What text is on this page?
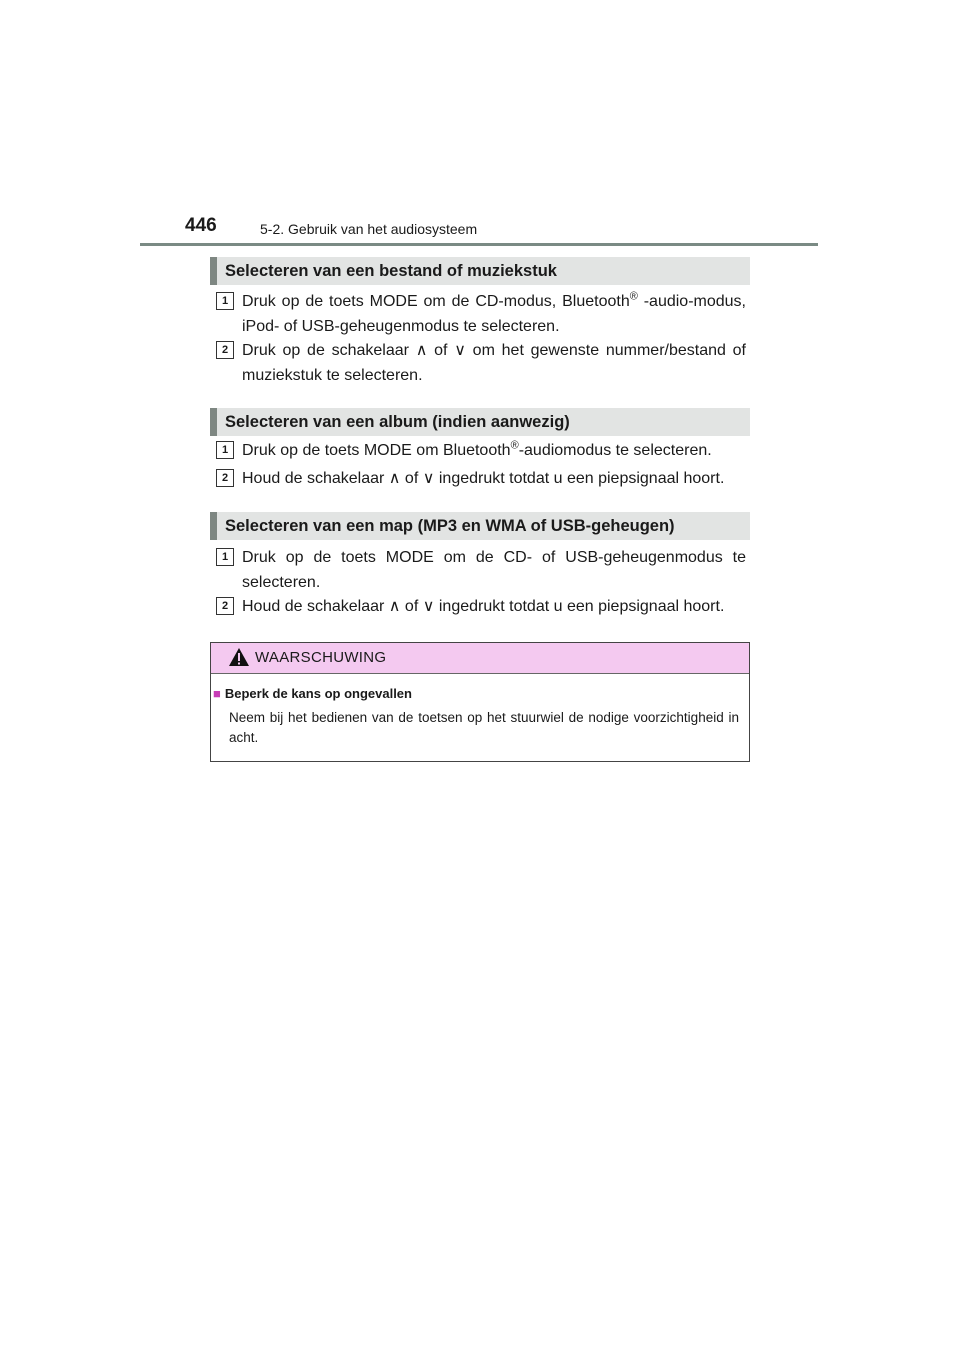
446	5-2. Gebruik van het audiosysteem
Selecteren van een bestand of muziekstuk
1 Druk op de toets MODE om de CD-modus, Bluetooth® -audio-modus, iPod- of USB-geheugenmodus te selecteren.
2 Druk op de schakelaar ∧ of ∨ om het gewenste nummer/bestand of muziekstuk te selecteren.
Selecteren van een album (indien aanwezig)
1 Druk op de toets MODE om Bluetooth®-audiomodus te selecteren.
2 Houd de schakelaar ∧ of ∨ ingedrukt totdat u een piepsignaal hoort.
Selecteren van een map (MP3 en WMA of USB-geheugen)
1 Druk op de toets MODE om de CD- of USB-geheugenmodus te selecteren.
2 Houd de schakelaar ∧ of ∨ ingedrukt totdat u een piepsignaal hoort.
WAARSCHUWING
■ Beperk de kans op ongevallen
Neem bij het bedienen van de toetsen op het stuurwiel de nodige voorzichtigheid in acht.
